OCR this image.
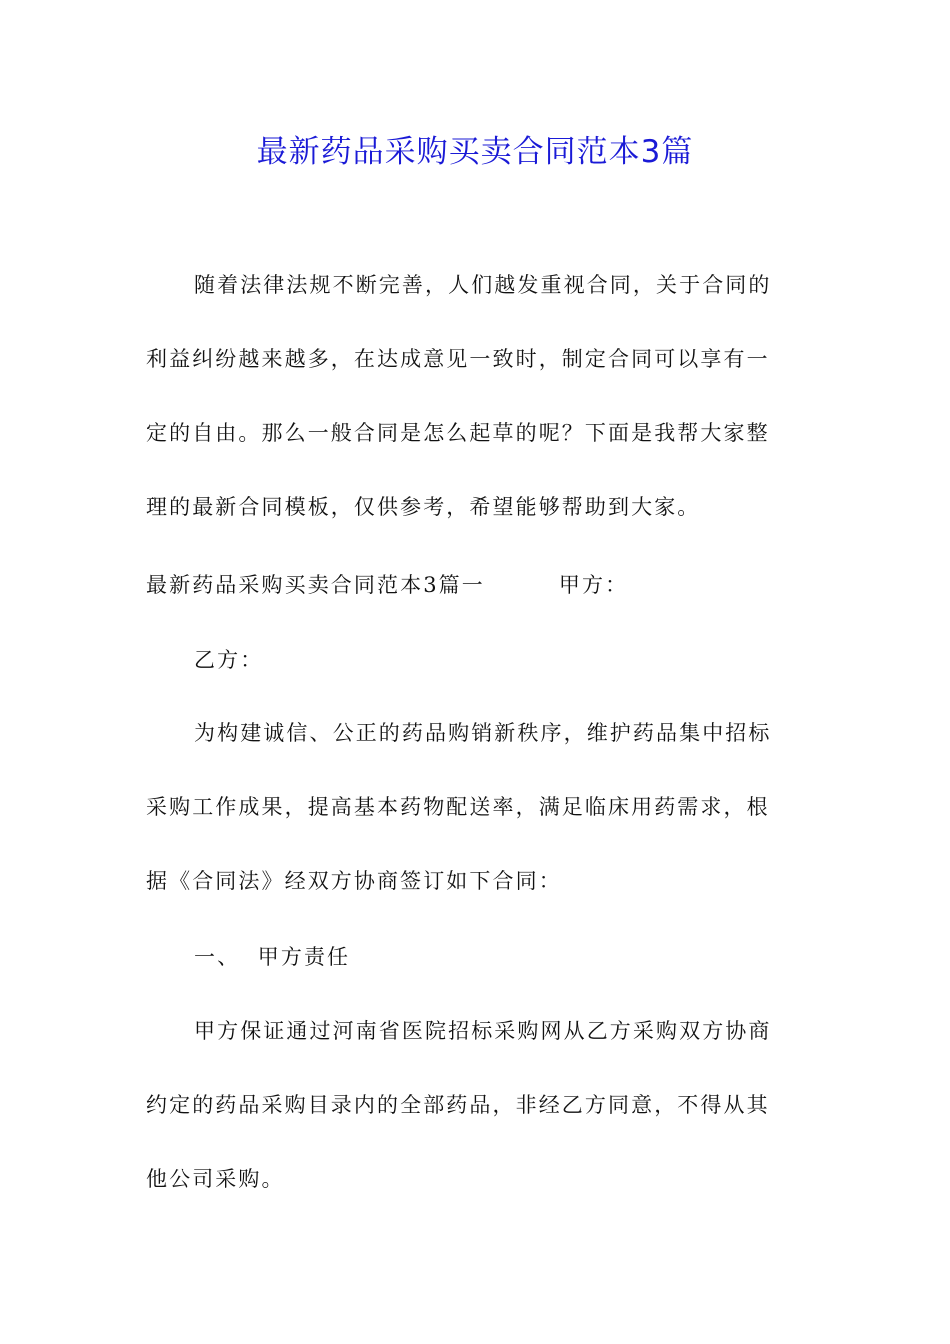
最新药品采购买卖合同范本3篇
随着法律法规不断完善，人们越发重视合同，关于合同的
利益纠纷越来越多，在达成意见一致时，制定合同可以享有一
定的自由。那么一般合同是怎么起草的呢？下面是我帮大家整
理的最新合同模板，仅供参考，希望能够帮助到大家。
最新药品采购买卖合同范本3篇一	甲方：
乙方：
为构建诚信、公正的药品购销新秩序，维护药品集中招标
采购工作成果，提高基本药物配送率，满足临床用药需求，根
据《合同法》经双方协商签订如下合同：
一、  甲方责任
甲方保证通过河南省医院招标采购网从乙方采购双方协商
约定的药品采购目录内的全部药品，非经乙方同意，不得从其
他公司采购。
